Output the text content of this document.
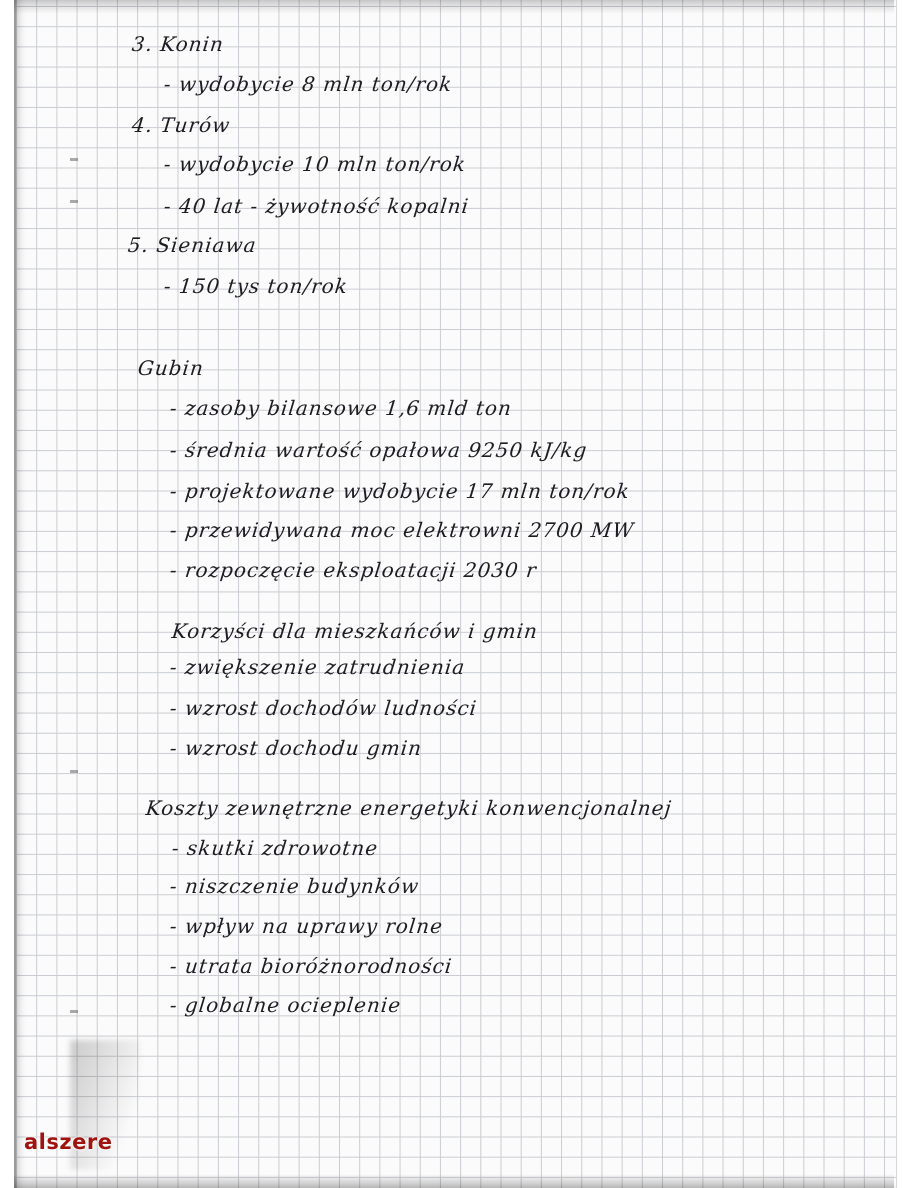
3. Konin

- wydobycie 8 mln ton/rok

4. Turów

- wydobycie 10 mln ton/rok

- 40 lat - żywotność kopalni

5. Sieniawa

- 150 tys ton/rok

Gubin

- zasoby bilansowe 1,6 mld ton

- średnia wartość opałowa 9250 kJ/kg

- projektowane wydobycie 17 mln ton/rok

- przewidywana moc elektrowni 2700 MW

- rozpoczęcie eksploatacji 2030 r

Korzyści dla mieszkańców i gmin

- zwiększenie zatrudnienia

- wzrost dochodów ludności

- wzrost dochodu gmin

Koszty zewnętrzne energetyki konwencjonalnej

- skutki zdrowotne

- niszczenie budynków

- wpływ na uprawy rolne

- utrata bioróżnorodności

- globalne ocieplenie

alszere
